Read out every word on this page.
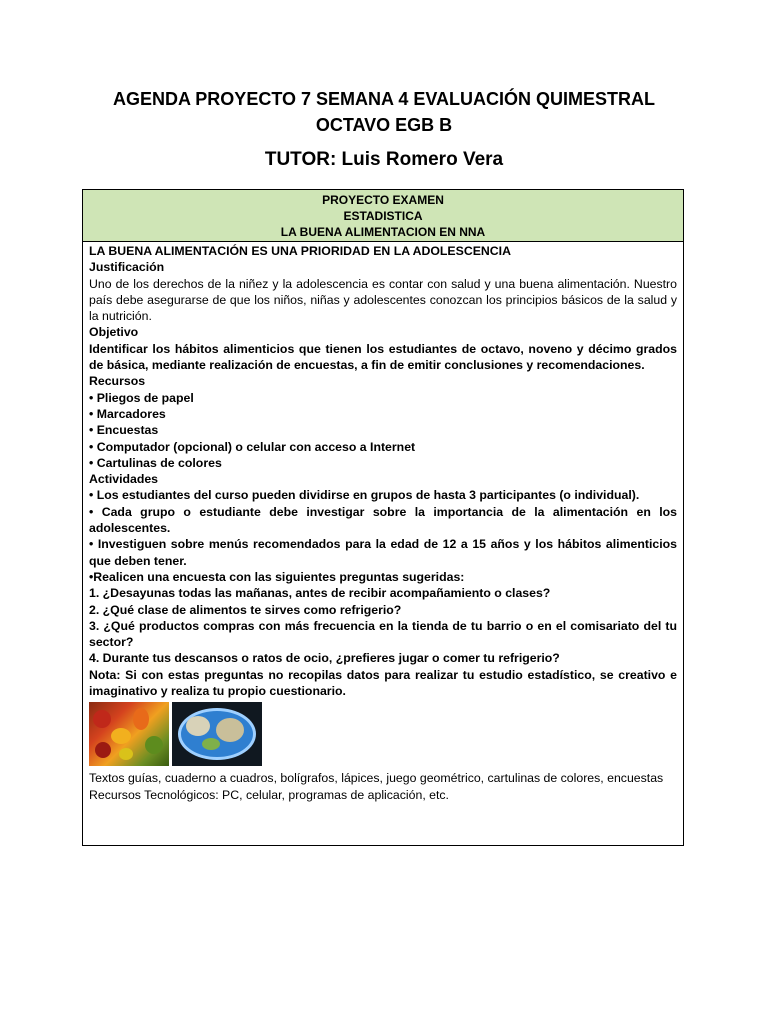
AGENDA PROYECTO 7 SEMANA 4 EVALUACIÓN QUIMESTRAL
OCTAVO EGB B
TUTOR: Luis Romero Vera
PROYECTO EXAMEN
ESTADISTICA
LA BUENA ALIMENTACION EN NNA

LA BUENA ALIMENTACIÓN ES UNA PRIORIDAD EN LA ADOLESCENCIA

Justificación

Uno de los derechos de la niñez y la adolescencia es contar con salud y una buena alimentación. Nuestro país debe asegurarse de que los niños, niñas y adolescentes conozcan los principios básicos de la salud y la nutrición.

Objetivo

Identificar los hábitos alimenticios que tienen los estudiantes de octavo, noveno y décimo grados de básica, mediante realización de encuestas, a fin de emitir conclusiones y recomendaciones.

Recursos

• Pliegos de papel

• Marcadores

• Encuestas

• Computador (opcional) o celular con acceso a Internet

• Cartulinas de colores

Actividades

• Los estudiantes del curso pueden dividirse en grupos de hasta 3 participantes (o individual).

• Cada grupo o estudiante debe investigar sobre la importancia de la alimentación en los adolescentes.

• Investiguen sobre menús recomendados para la edad de 12 a 15 años y los hábitos alimenticios que deben tener.

•Realicen una encuesta con las siguientes preguntas sugeridas:

1. ¿Desayunas todas las mañanas, antes de recibir acompañamiento o clases?

2. ¿Qué clase de alimentos te sirves como refrigerio?

3. ¿Qué productos compras con más frecuencia en la tienda de tu barrio o en el comisariato del tu sector?

4. Durante tus descansos o ratos de ocio, ¿prefieres jugar o comer tu refrigerio?

Nota: Si con estas preguntas no recopilas datos para realizar tu estudio estadístico, se creativo e imaginativo y realiza tu propio cuestionario.

Textos guías, cuaderno a cuadros, bolígrafos, lápices, juego geométrico, cartulinas de colores, encuestas

Recursos Tecnológicos: PC, celular, programas de aplicación, etc.
